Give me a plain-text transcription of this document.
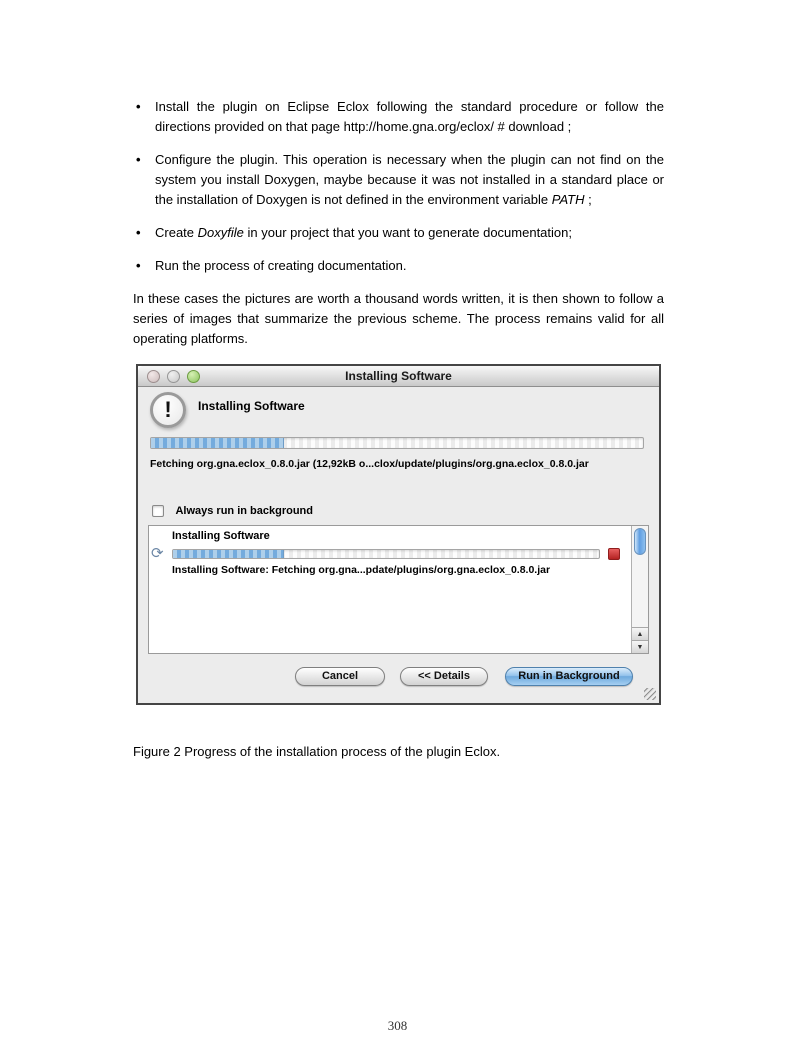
• Install the plugin on Eclipse Eclox following the standard procedure or follow the directions provided on that page http://home.gna.org/eclox/ # download ;
• Configure the plugin. This operation is necessary when the plugin can not find on the system you install Doxygen, maybe because it was not installed in a standard place or the installation of Doxygen is not defined in the environment variable PATH ;
• Create Doxyfile in your project that you want to generate documentation;
• Run the process of creating documentation.

In these cases the pictures are worth a thousand words written, it is then shown to follow a series of images that summarize the previous scheme. The process remains valid for all operating platforms.

Installing Software
!	Installing Software
Fetching org.gna.eclox_0.8.0.jar (12,92kB o...clox/update/plugins/org.gna.eclox_0.8.0.jar
Always run in background
Installing Software
⟳
Installing Software: Fetching org.gna...pdate/plugins/org.gna.eclox_0.8.0.jar
▲
▼
Cancel	<< Details	Run in Background
Figure 2 Progress of the installation process of the plugin Eclox.
308
